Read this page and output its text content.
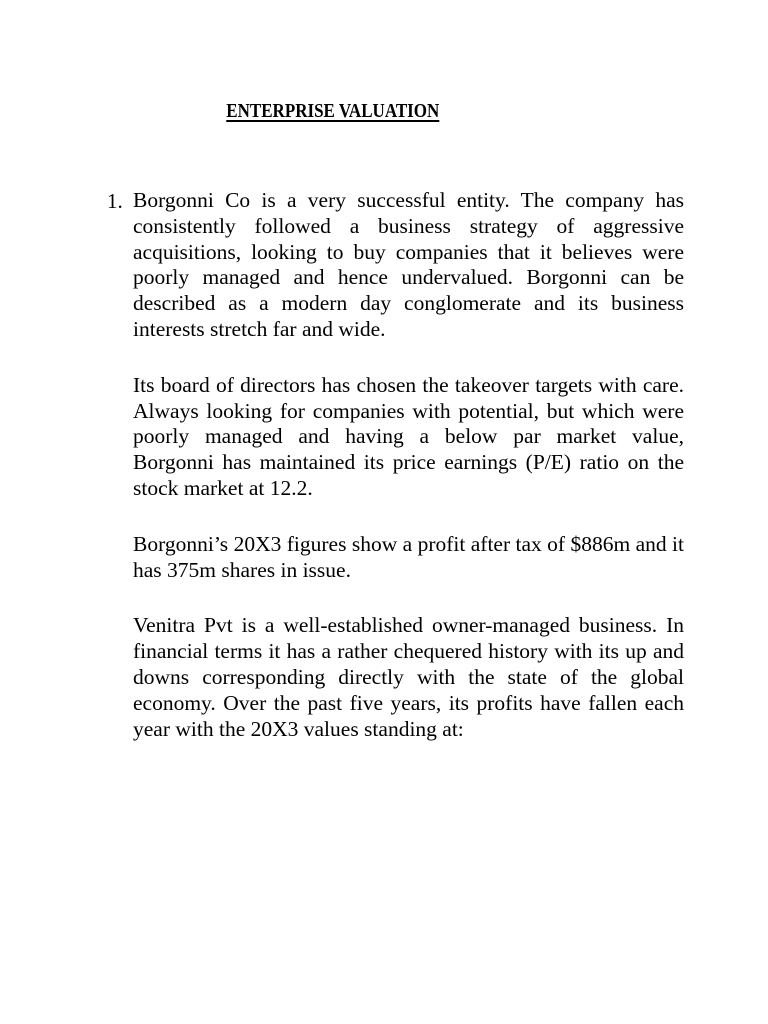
ENTERPRISE VALUATION
1. Borgonni Co is a very successful entity. The company has consistently followed a business strategy of aggressive acquisitions, looking to buy companies that it believes were poorly managed and hence undervalued. Borgonni can be described as a modern day conglomerate and its business interests stretch far and wide.

Its board of directors has chosen the takeover targets with care. Always looking for companies with potential, but which were poorly managed and having a below par market value, Borgonni has maintained its price earnings (P/E) ratio on the stock market at 12.2.

Borgonni’s 20X3 figures show a profit after tax of $886m and it has 375m shares in issue.

Venitra Pvt is a well-established owner-managed business. In financial terms it has a rather chequered history with its up and downs corresponding directly with the state of the global economy. Over the past five years, its profits have fallen each year with the 20X3 values standing at:
